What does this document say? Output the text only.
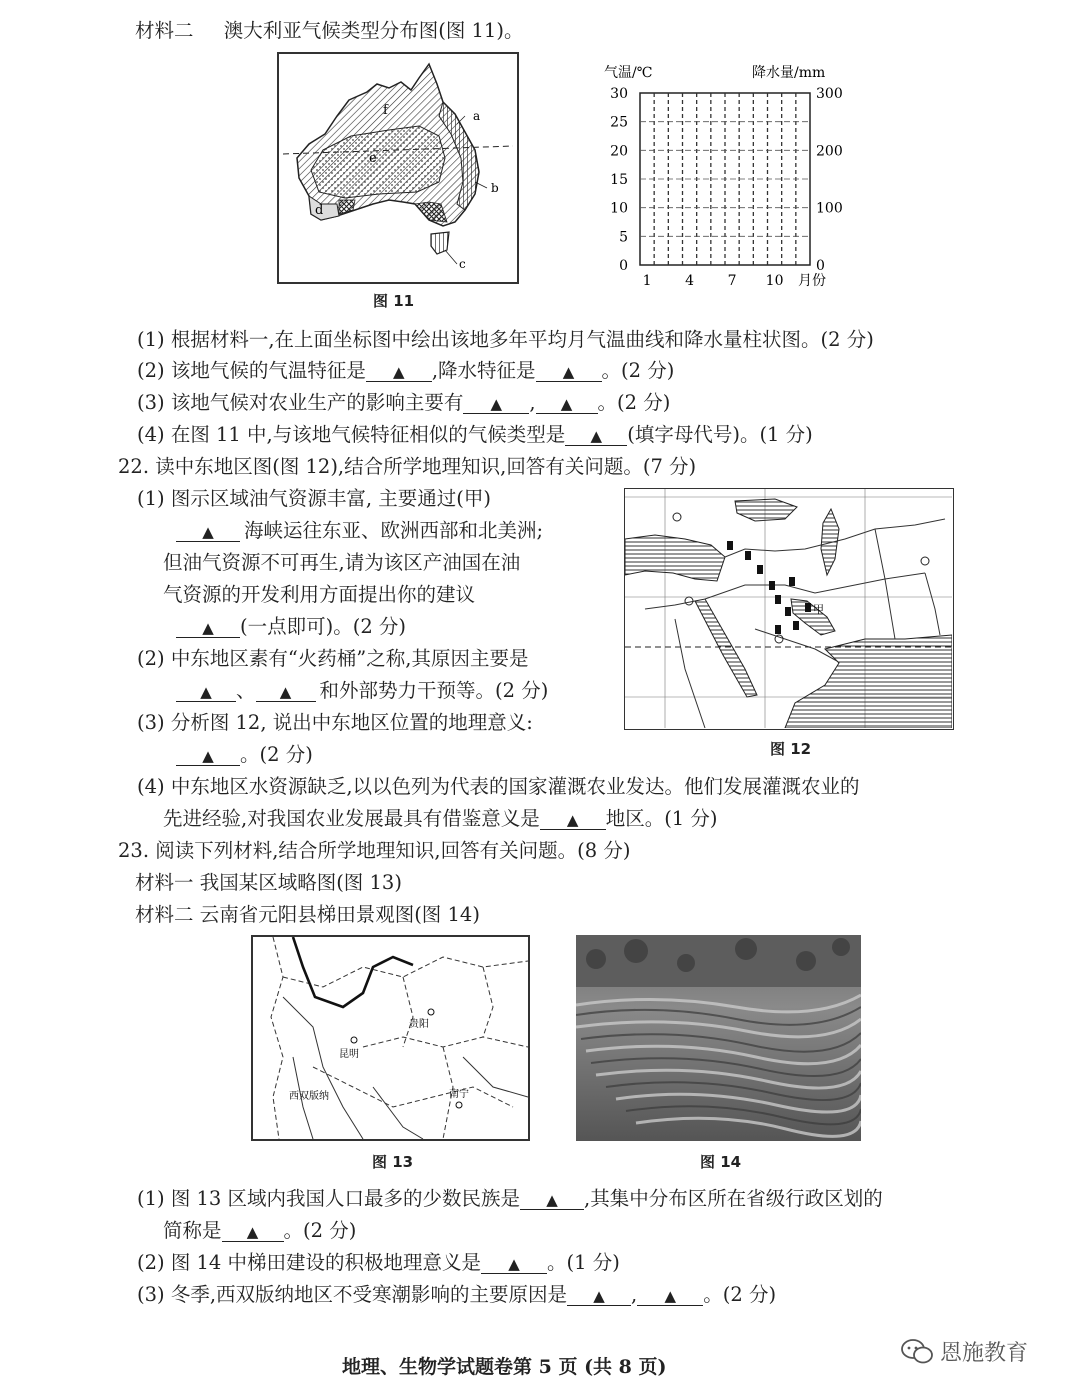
材料二 澳大利亚气候类型分布图(图 11)。
f
e
a
b
c
d
图 11
30
25
20
15
10
5
0
300
200
100
0
1 4 7 10 月份
气温/℃	降水量/mm
(1) 根据材料一,在上面坐标图中绘出该地多年平均月气温曲线和降水量柱状图。(2 分)
(2) 该地气候的气温特征是 ▲ ,降水特征是 ▲ 。(2 分)
(3) 该地气候对农业生产的影响主要有 ▲ , ▲ 。(2 分)
(4) 在图 11 中,与该地气候特征相似的气候类型是 ▲ (填字母代号)。(1 分)
22. 读中东地区图(图 12),结合所学地理知识,回答有关问题。(7 分)
(1) 图示区域油气资源丰富, 主要通过(甲)
▲ 海峡运往东亚、欧洲西部和北美洲;
但油气资源不可再生,请为该区产油国在油
气资源的开发利用方面提出你的建议
▲ (一点即可)。(2 分)
(2) 中东地区素有“火药桶”之称,其原因主要是
▲ 、 ▲ 和外部势力干预等。(2 分)
(3) 分析图 12, 说出中东地区位置的地理意义:
▲ 。(2 分)
(4) 中东地区水资源缺乏,以以色列为代表的国家灌溉农业发达。他们发展灌溉农业的
先进经验,对我国农业发展最具有借鉴意义是 ▲ 地区。(1 分)
甲
图 12
23. 阅读下列材料,结合所学地理知识,回答有关问题。(8 分)
材料一 我国某区域略图(图 13)
材料二 云南省元阳县梯田景观图(图 14)
贵阳
昆明
南宁
西双版纳
图 13	图 14
(1) 图 13 区域内我国人口最多的少数民族是 ▲ ,其集中分布区所在省级行政区划的
简称是 ▲ 。(2 分)
(2) 图 14 中梯田建设的积极地理意义是 ▲ 。(1 分)
(3) 冬季,西双版纳地区不受寒潮影响的主要原因是 ▲ , ▲ 。(2 分)
地理、生物学试题卷第 5 页 (共 8 页)
恩施教育
